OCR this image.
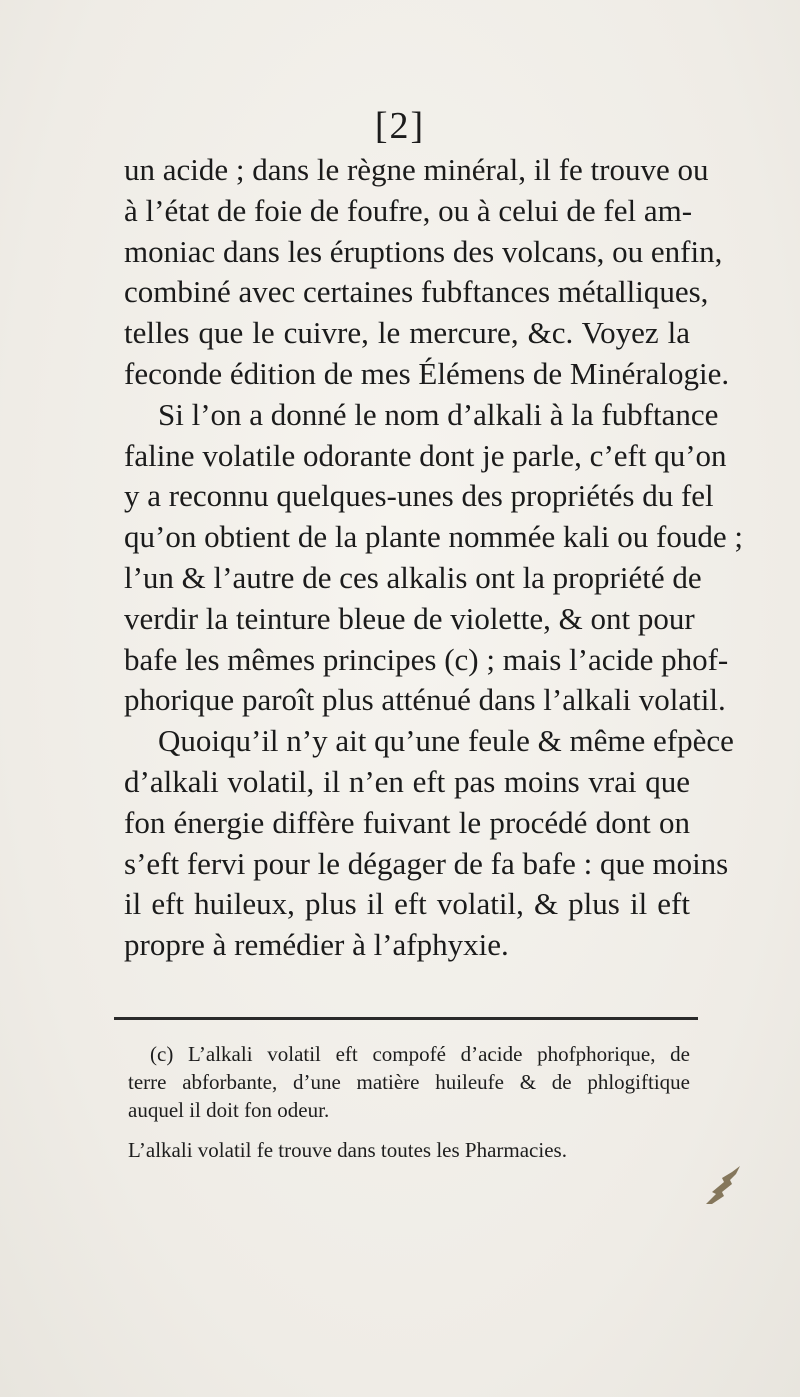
[2]
un acide ; dans le règne minéral, il fe trouve ou
à l’état de foie de foufre, ou à celui de fel am-
moniac dans les éruptions des volcans, ou enfin,
combiné avec certaines fubftances métalliques,
telles que le cuivre, le mercure, &c. Voyez la
feconde édition de mes Élémens de Minéralogie.
Si l’on a donné le nom d’alkali à la fubftance
faline volatile odorante dont je parle, c’eft qu’on
y a reconnu quelques-unes des propriétés du fel
qu’on obtient de la plante nommée kali ou foude ;
l’un & l’autre de ces alkalis ont la propriété de
verdir la teinture bleue de violette, & ont pour
bafe les mêmes principes (c) ; mais l’acide phof-
phorique paroît plus atténué dans l’alkali volatil.
Quoiqu’il n’y ait qu’une feule & même efpèce
d’alkali volatil, il n’en eft pas moins vrai que
fon énergie diffère fuivant le procédé dont on
s’eft fervi pour le dégager de fa bafe : que moins
il eft huileux, plus il eft volatil, & plus il eft
propre à remédier à l’afphyxie.
(c) L’alkali volatil eft compofé d’acide phofphorique, de
terre abforbante, d’une matière huileufe & de phlogiftique
auquel il doit fon odeur.
L’alkali volatil fe trouve dans toutes les Pharmacies.
